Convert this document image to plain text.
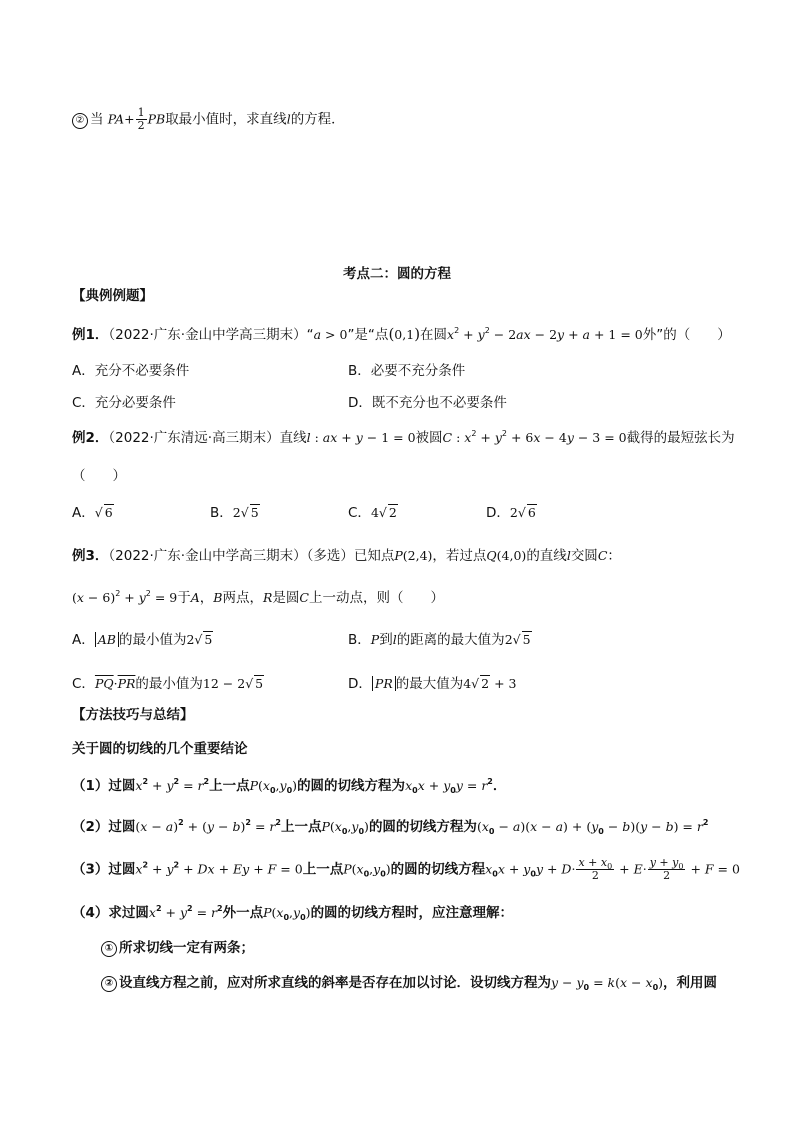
② 当 $PA+ \frac{1}{2}$ PB取最小值时，求直线l的方程．
考点二：圆的方程
【典例例题】
例1．（2022·广东·金山中学高三期末）“a > 0”是“点(0,1)在圆$x^2 + y^2 - 2ax - 2y + a + 1 = 0$外”的（　　）
A．充分不必要条件	B．必要不充分条件
C．充分必要条件	D．既不充分也不必要条件
例2．（2022·广东清远·高三期末）直线l : ax + y − 1 = 0被圆C : $x^2 + y^2 + 6x - 4y - 3 = 0$截得的最短弦长为
（　　）
A．√ 6	B．2√ 5	C．4√ 2	D．2√ 6
例3．（2022·广东·金山中学高三期末）（多选）已知点P(2,4)，若过点Q(4,0)的直线l交圆C：
$(x - 6)^2 + y^2 = 9$于A，B两点，R是圆C上一动点，则（　　）
A． AB 的最小值为2√ 5	B．P到l的距离的最大值为2√ 5
C．$\overline{PQ}\cdot\overline{PR}$的最小值为12 − 2√ 5	D． PR 的最大值为4√ 2 + 3
【方法技巧与总结】
关于圆的切线的几个重要结论
（1）过圆$x^2 + y^2 = r^2$上一点$P(x_0,y_0)$的圆的切线方程为$x_0x + y_0y = r^2$．
（2）过圆$(x - a)^2 + (y - b)^2 = r^2$上一点$P(x_0,y_0)$的圆的切线方程为$(x_0 - a)(x - a) + (y_0 - b)(y - b) = r^2$
（3）过圆$x^2 + y^2 + Dx + Ey + F = 0$上一点$P(x_0,y_0)$的圆的切线方程$x_0x + y_0y + D\cdot \frac{x + x_0}{2} + E\cdot \frac{y + y_0}{2} + F = 0$
（4）求过圆$x^2 + y^2 = r^2$外一点$P(x_0,y_0)$的圆的切线方程时，应注意理解：
① 所求切线一定有两条；
② 设直线方程之前，应对所求直线的斜率是否存在加以讨论．设切线方程为$y - y_0 = k(x - x_0)$，利用圆
